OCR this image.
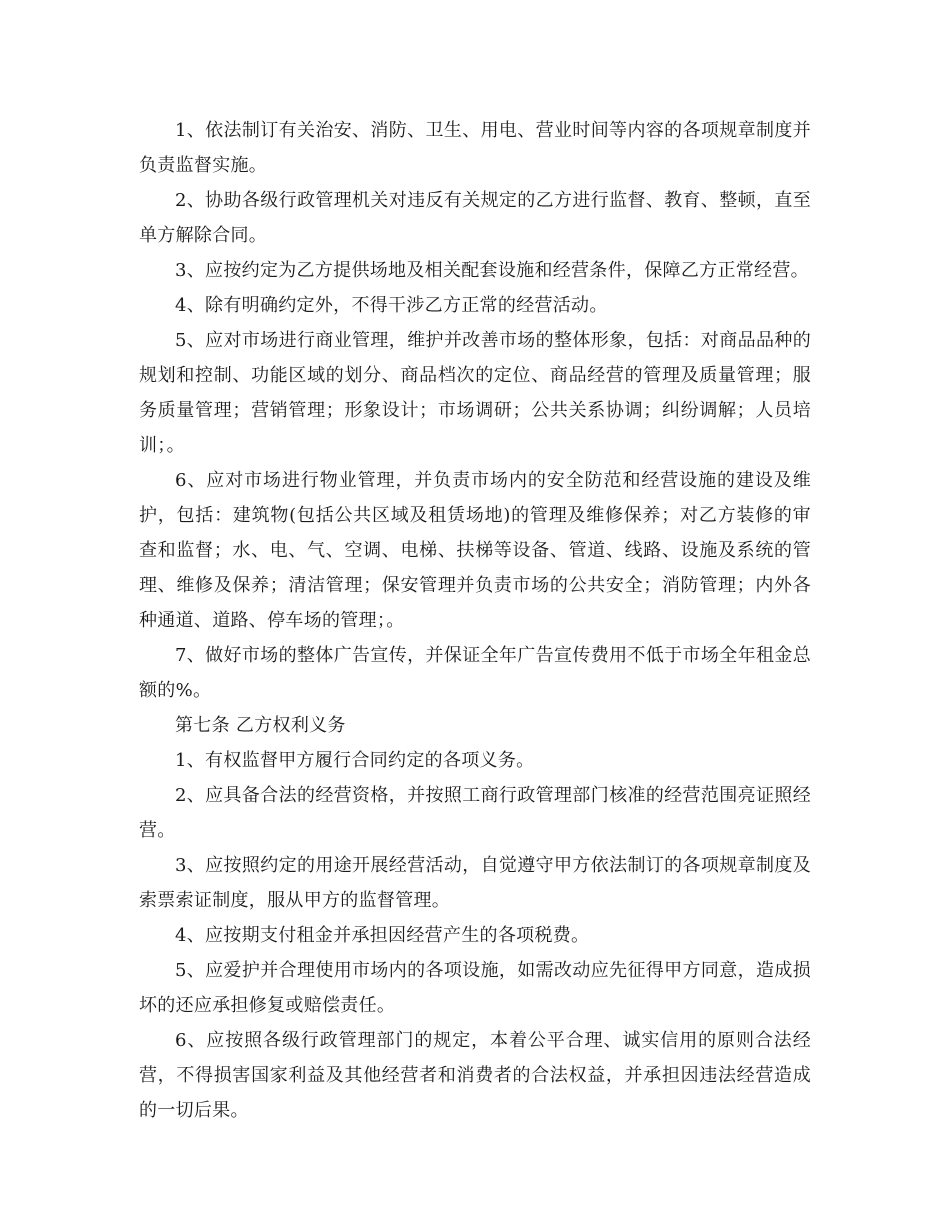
1、依法制订有关治安、消防、卫生、用电、营业时间等内容的各项规章制度并负责监督实施。

2、协助各级行政管理机关对违反有关规定的乙方进行监督、教育、整顿，直至单方解除合同。

3、应按约定为乙方提供场地及相关配套设施和经营条件，保障乙方正常经营。

4、除有明确约定外，不得干涉乙方正常的经营活动。

5、应对市场进行商业管理，维护并改善市场的整体形象，包括：对商品品种的规划和控制、功能区域的划分、商品档次的定位、商品经营的管理及质量管理；服务质量管理；营销管理；形象设计；市场调研；公共关系协调；纠纷调解；人员培训；。

6、应对市场进行物业管理，并负责市场内的安全防范和经营设施的建设及维护，包括：建筑物(包括公共区域及租赁场地)的管理及维修保养；对乙方装修的审查和监督；水、电、气、空调、电梯、扶梯等设备、管道、线路、设施及系统的管理、维修及保养；清洁管理；保安管理并负责市场的公共安全；消防管理；内外各种通道、道路、停车场的管理；。

7、做好市场的整体广告宣传，并保证全年广告宣传费用不低于市场全年租金总额的%。

第七条 乙方权利义务

1、有权监督甲方履行合同约定的各项义务。

2、应具备合法的经营资格，并按照工商行政管理部门核准的经营范围亮证照经营。

3、应按照约定的用途开展经营活动，自觉遵守甲方依法制订的各项规章制度及索票索证制度，服从甲方的监督管理。

4、应按期支付租金并承担因经营产生的各项税费。

5、应爱护并合理使用市场内的各项设施，如需改动应先征得甲方同意，造成损坏的还应承担修复或赔偿责任。

6、应按照各级行政管理部门的规定，本着公平合理、诚实信用的原则合法经营，不得损害国家利益及其他经营者和消费者的合法权益，并承担因违法经营造成的一切后果。
